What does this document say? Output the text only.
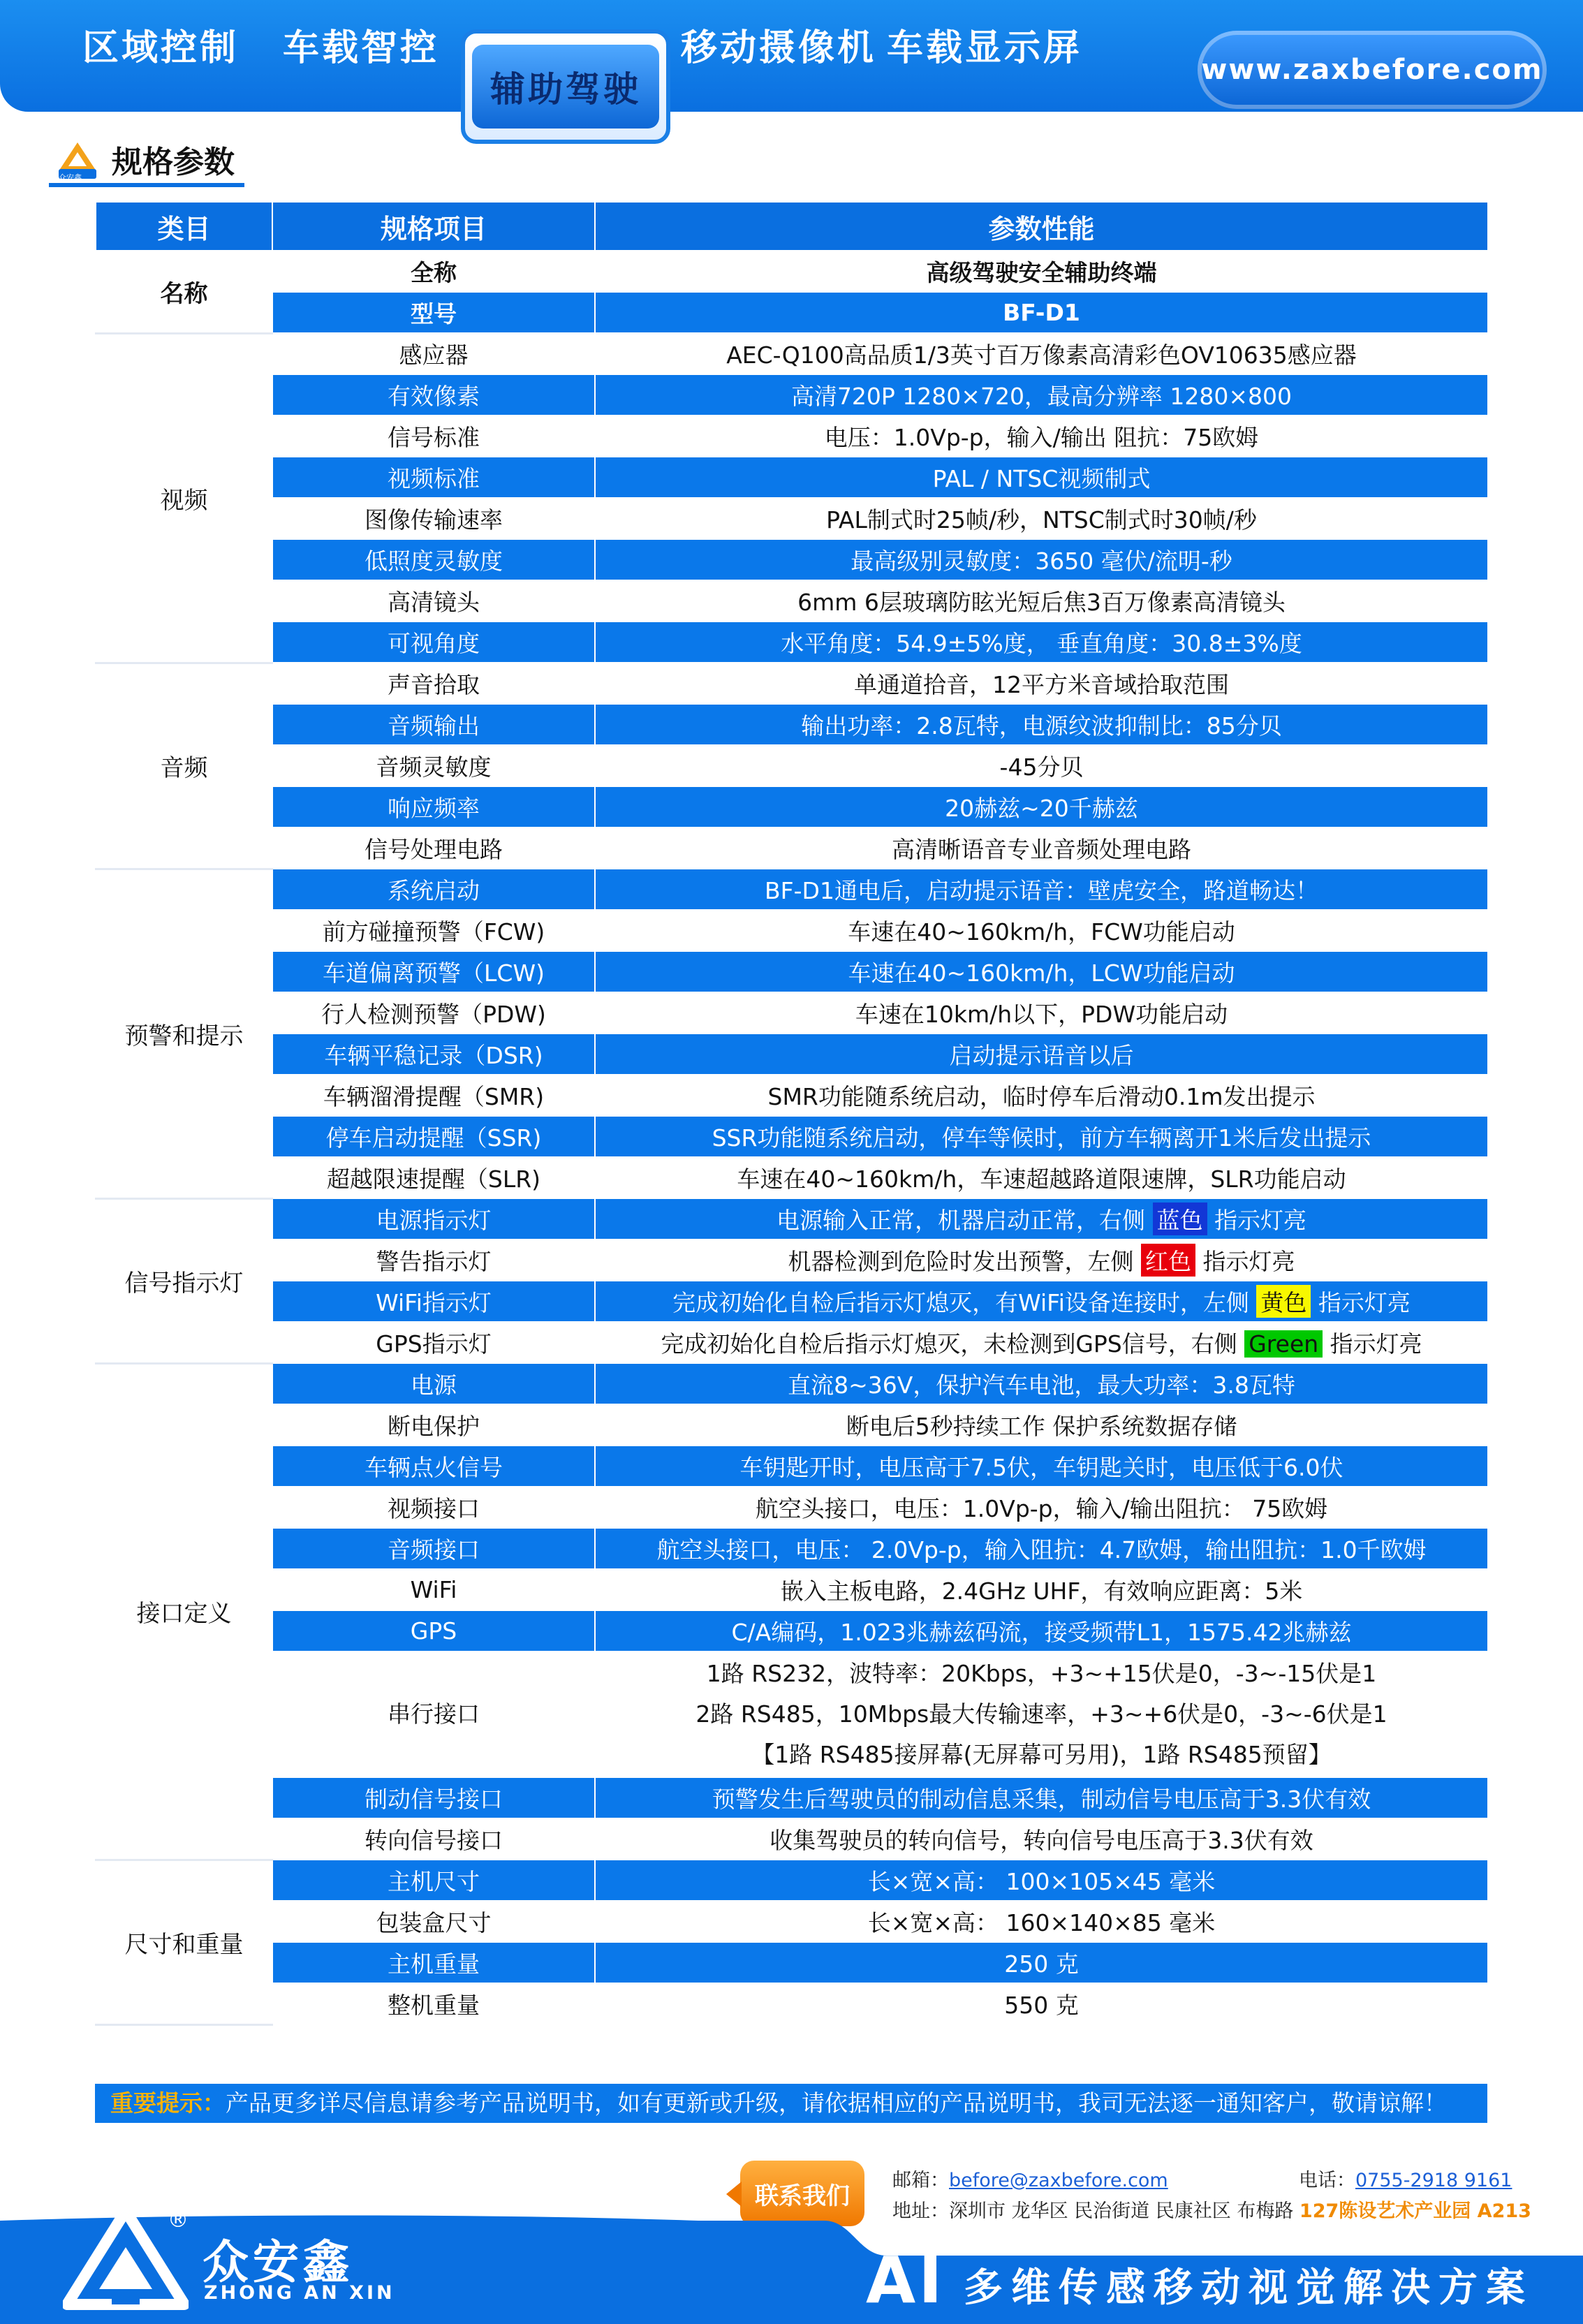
区域控制 车载智控	移动摄像机 车载显示屏
辅助驾驶	www.zaxbefore.com
众安鑫 规格参数
类目	规格项目	参数性能
名称	全称	高级驾驶安全辅助终端
	型号	BF-D1
视频	感应器	AEC-Q100高品质1/3英寸百万像素高清彩色OV10635感应器
	有效像素	高清720P 1280×720，最高分辨率 1280×800
	信号标准	电压：1.0Vp-p，输入/输出 阻抗：75欧姆
	视频标准	PAL / NTSC视频制式
	图像传输速率	PAL制式时25帧/秒，NTSC制式时30帧/秒
	低照度灵敏度	最高级别灵敏度：3650 毫伏/流明-秒
	高清镜头	6mm 6层玻璃防眩光短后焦3百万像素高清镜头
	可视角度	水平角度：54.9±5%度， 垂直角度：30.8±3%度
音频	声音拾取	单通道拾音，12平方米音域拾取范围
	音频输出	输出功率：2.8瓦特，电源纹波抑制比：85分贝
	音频灵敏度	-45分贝
	响应频率	20赫兹~20千赫兹
	信号处理电路	高清晰语音专业音频处理电路
预警和提示	系统启动	BF-D1通电后，启动提示语音：壁虎安全，路道畅达！
	前方碰撞预警（FCW)	车速在40~160km/h，FCW功能启动
	车道偏离预警（LCW)	车速在40~160km/h，LCW功能启动
	行人检测预警（PDW)	车速在10km/h以下，PDW功能启动
	车辆平稳记录（DSR)	启动提示语音以后
	车辆溜滑提醒（SMR)	SMR功能随系统启动，临时停车后滑动0.1m发出提示
	停车启动提醒（SSR)	SSR功能随系统启动，停车等候时，前方车辆离开1米后发出提示
	超越限速提醒（SLR)	车速在40~160km/h，车速超越路道限速牌，SLR功能启动
信号指示灯	电源指示灯	电源输入正常，机器启动正常，右侧 蓝色 指示灯亮
	警告指示灯	机器检测到危险时发出预警，左侧 红色 指示灯亮
	WiFi指示灯	完成初始化自检后指示灯熄灭，有WiFi设备连接时，左侧 黄色 指示灯亮
	GPS指示灯	完成初始化自检后指示灯熄灭，未检测到GPS信号，右侧 Green 指示灯亮
接口定义	电源	直流8~36V，保护汽车电池，最大功率：3.8瓦特
	断电保护	断电后5秒持续工作 保护系统数据存储
	车辆点火信号	车钥匙开时，电压高于7.5伏，车钥匙关时，电压低于6.0伏
	视频接口	航空头接口，电压：1.0Vp-p，输入/输出阻抗： 75欧姆
	音频接口	航空头接口，电压： 2.0Vp-p，输入阻抗：4.7欧姆，输出阻抗：1.0千欧姆
	WiFi	嵌入主板电路，2.4GHz UHF，有效响应距离：5米
	GPS	C/A编码，1.023兆赫兹码流，接受频带L1，1575.42兆赫兹
	串行接口	1路 RS232，波特率：20Kbps，+3~+15伏是0，-3~-15伏是1
2路 RS485，10Mbps最大传输速率，+3~+6伏是0，-3~-6伏是1
【1路 RS485接屏幕(无屏幕可另用)，1路 RS485预留】

	制动信号接口	预警发生后驾驶员的制动信息采集，制动信号电压高于3.3伏有效
	转向信号接口	收集驾驶员的转向信号，转向信号电压高于3.3伏有效
尺寸和重量	主机尺寸	长×宽×高： 100×105×45 毫米
	包装盒尺寸	长×宽×高： 160×140×85 毫米
	主机重量	250 克
	整机重量	550 克
重要提示：产品更多详尽信息请参考产品说明书，如有更新或升级，请依据相应的产品说明书，我司无法逐一通知客户，敬请谅解！
联系我们
邮箱：before@zaxbefore.com	电话：0755-2918 9161
地址：深圳市 龙华区 民治街道 民康社区 布梅路 127陈设艺术产业园 A213
®
众安鑫
ZHONG AN XIN	AI 多维传感移动视觉解决方案
